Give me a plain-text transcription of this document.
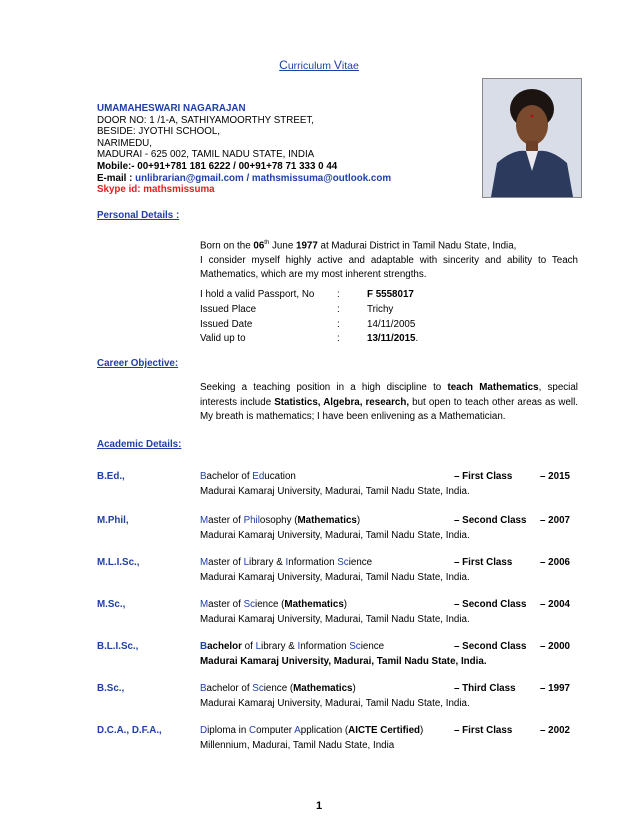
Curriculum Vitae
UMAMAHESWARI NAGARAJAN
DOOR NO: 1 /1-A, SATHIYAMOORTHY STREET,
BESIDE: JYOTHI SCHOOL,
NARIMEDU,
MADURAI - 625 002, TAMIL NADU STATE, INDIA
Mobile:- 00+91+781 181 6222 / 00+91+78 71 333 0 44
E-mail : unlibrarian@gmail.com / mathsmissuma@outlook.com
Skype id: mathsmissuma
Personal Details :
Born on the 06th June 1977 at Madurai District in Tamil Nadu State, India,
I consider myself highly active and adaptable with sincerity and ability to Teach Mathematics, which are my most inherent strengths.
I hold a valid Passport, No	:	F 5558017
Issued Place	:	Trichy
Issued Date	:	14/11/2005
Valid up to	:	13/11/2015.
Career Objective:
Seeking a teaching position in a high discipline to teach Mathematics, special interests include Statistics, Algebra, research, but open to teach other areas as well. My breath is mathematics; I have been enlivening as a Mathematician.
Academic Details:
B.Ed.,	Bachelor of Education	– First Class	– 2015
Madurai Kamaraj University, Madurai, Tamil Nadu State, India.
M.Phil,	Master of Philosophy (Mathematics)	– Second Class – 2007
Madurai Kamaraj University, Madurai, Tamil Nadu State, India.
M.L.I.Sc.,	Master of Library & Information Science	– First Class	– 2006
Madurai Kamaraj University, Madurai, Tamil Nadu State, India.
M.Sc.,	Master of Science (Mathematics)	– Second Class – 2004
Madurai Kamaraj University, Madurai, Tamil Nadu State, India.
B.L.I.Sc.,	Bachelor of Library & Information Science	– Second Class – 2000
Madurai Kamaraj University, Madurai, Tamil Nadu State, India.
B.Sc.,	Bachelor of Science (Mathematics)	– Third Class – 1997
Madurai Kamaraj University, Madurai, Tamil Nadu State, India.
D.C.A., D.F.A.,	Diploma in Computer Application (AICTE Certified)	– First Class	– 2002
Millennium, Madurai, Tamil Nadu State, India
1
